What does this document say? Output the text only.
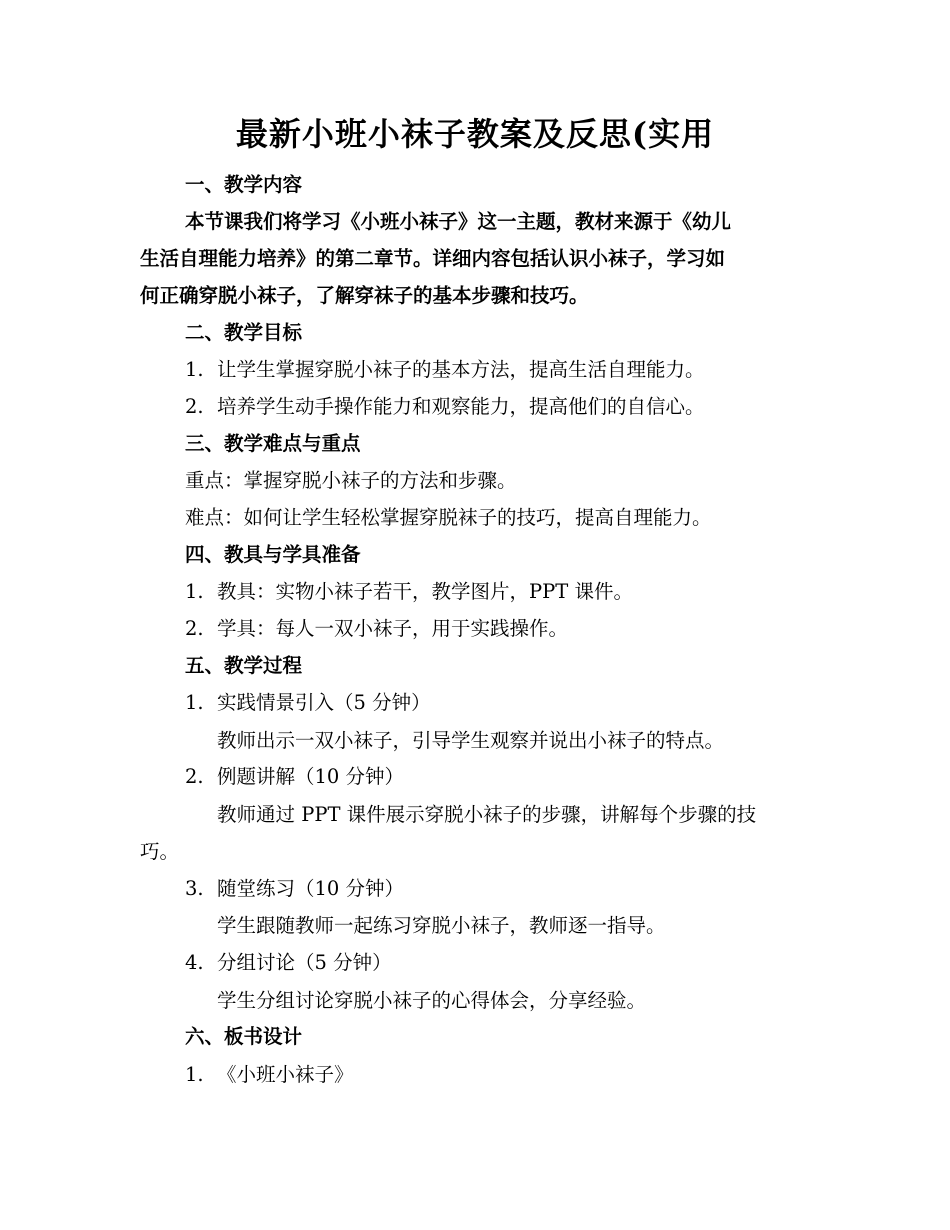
最新小班小袜子教案及反思(实用
一、教学内容
本节课我们将学习《小班小袜子》这一主题，教材来源于《幼儿
生活自理能力培养》的第二章节。详细内容包括认识小袜子，学习如
何正确穿脱小袜子，了解穿袜子的基本步骤和技巧。
二、教学目标
1. 让学生掌握穿脱小袜子的基本方法，提高生活自理能力。
2. 培养学生动手操作能力和观察能力，提高他们的自信心。
三、教学难点与重点
重点：掌握穿脱小袜子的方法和步骤。
难点：如何让学生轻松掌握穿脱袜子的技巧，提高自理能力。
四、教具与学具准备
1. 教具：实物小袜子若干，教学图片，PPT 课件。
2. 学具：每人一双小袜子，用于实践操作。
五、教学过程
1. 实践情景引入（5 分钟）
教师出示一双小袜子，引导学生观察并说出小袜子的特点。
2. 例题讲解（10 分钟）
教师通过 PPT 课件展示穿脱小袜子的步骤，讲解每个步骤的技
巧。
3. 随堂练习（10 分钟）
学生跟随教师一起练习穿脱小袜子，教师逐一指导。
4. 分组讨论（5 分钟）
学生分组讨论穿脱小袜子的心得体会，分享经验。
六、板书设计
1. 《小班小袜子》
